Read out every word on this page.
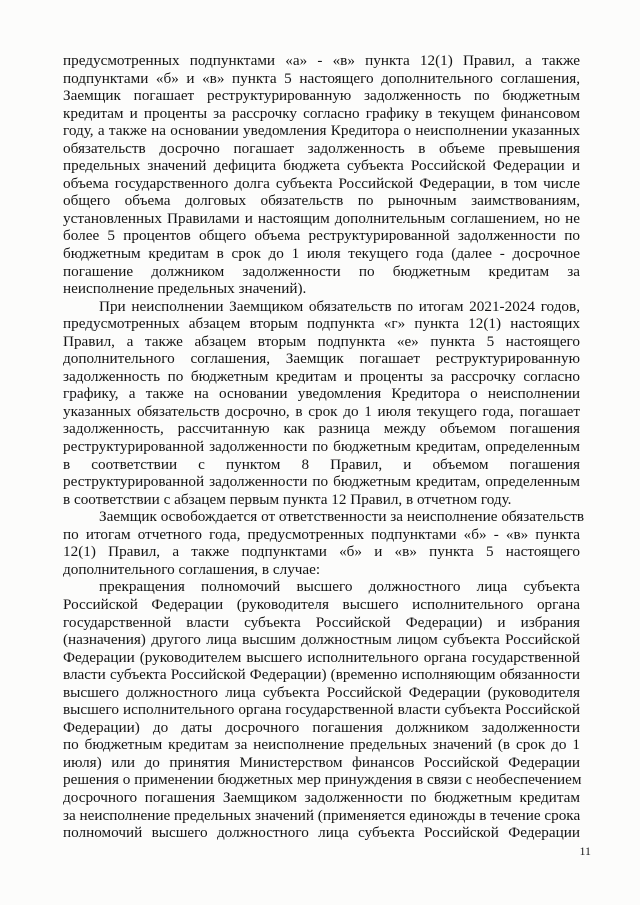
предусмотренных подпунктами «а» - «в» пункта 12(1) Правил, а также
подпунктами «б» и «в» пункта 5 настоящего дополнительного соглашения,
Заемщик погашает реструктурированную задолженность по бюджетным
кредитам и проценты за рассрочку согласно графику в текущем финансовом
году, а также на основании уведомления Кредитора о неисполнении указанных
обязательств досрочно погашает задолженность в объеме превышения
предельных значений дефицита бюджета субъекта Российской Федерации и
объема государственного долга субъекта Российской Федерации, в том числе
общего объема долговых обязательств по рыночным заимствованиям,
установленных Правилами и настоящим дополнительным соглашением, но не
более 5 процентов общего объема реструктурированной задолженности по
бюджетным кредитам в срок до 1 июля текущего года (далее - досрочное
погашение должником задолженности по бюджетным кредитам за
неисполнение предельных значений).
При неисполнении Заемщиком обязательств по итогам 2021-2024 годов,
предусмотренных абзацем вторым подпункта «г» пункта 12(1) настоящих
Правил, а также абзацем вторым подпункта «е» пункта 5 настоящего
дополнительного соглашения, Заемщик погашает реструктурированную
задолженность по бюджетным кредитам и проценты за рассрочку согласно
графику, а также на основании уведомления Кредитора о неисполнении
указанных обязательств досрочно, в срок до 1 июля текущего года, погашает
задолженность, рассчитанную как разница между объемом погашения
реструктурированной задолженности по бюджетным кредитам, определенным
в соответствии с пунктом 8 Правил, и объемом погашения
реструктурированной задолженности по бюджетным кредитам, определенным
в соответствии с абзацем первым пункта 12 Правил, в отчетном году.
Заемщик освобождается от ответственности за неисполнение обязательств
по итогам отчетного года, предусмотренных подпунктами «б» - «в» пункта
12(1) Правил, а также подпунктами «б» и «в» пункта 5 настоящего
дополнительного соглашения, в случае:
прекращения полномочий высшего должностного лица субъекта
Российской Федерации (руководителя высшего исполнительного органа
государственной власти субъекта Российской Федерации) и избрания
(назначения) другого лица высшим должностным лицом субъекта Российской
Федерации (руководителем высшего исполнительного органа государственной
власти субъекта Российской Федерации) (временно исполняющим обязанности
высшего должностного лица субъекта Российской Федерации (руководителя
высшего исполнительного органа государственной власти субъекта Российской
Федерации) до даты досрочного погашения должником задолженности
по бюджетным кредитам за неисполнение предельных значений (в срок до 1
июля) или до принятия Министерством финансов Российской Федерации
решения о применении бюджетных мер принуждения в связи с необеспечением
досрочного погашения Заемщиком задолженности по бюджетным кредитам
за неисполнение предельных значений (применяется единожды в течение срока
полномочий высшего должностного лица субъекта Российской Федерации
11
